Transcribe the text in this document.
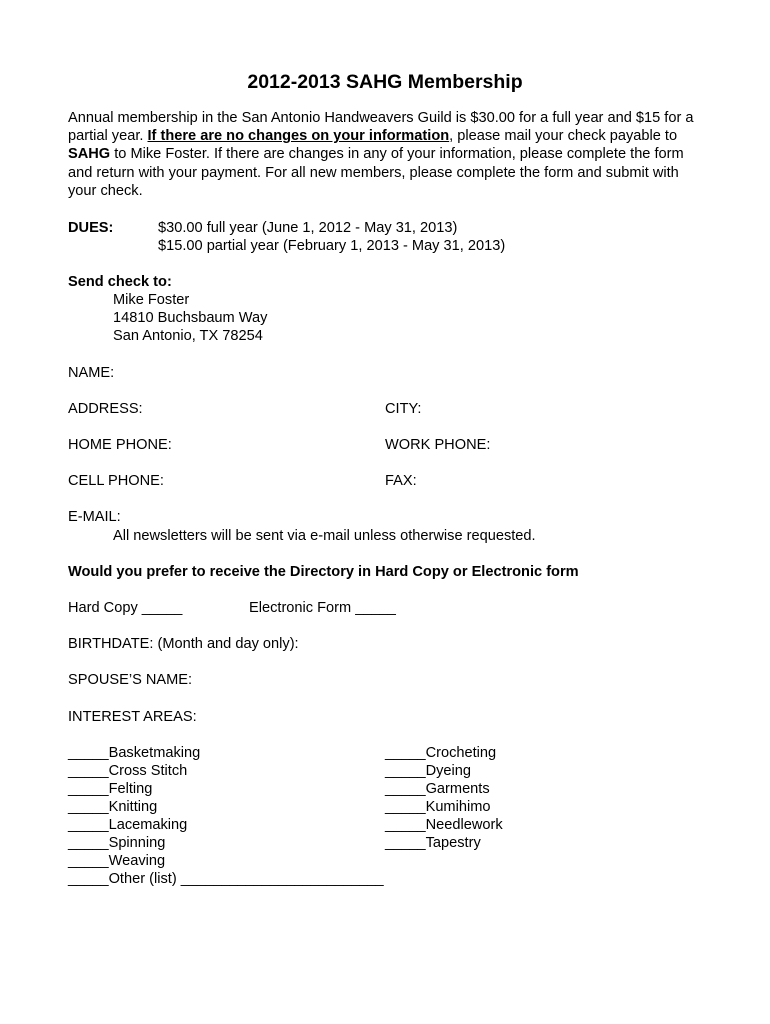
2012-2013 SAHG Membership
Annual membership in the San Antonio Handweavers Guild is $30.00 for a full year and $15 for a partial year. If there are no changes on your information, please mail your check payable to SAHG to Mike Foster. If there are changes in any of your information, please complete the form and return with your payment. For all new members, please complete the form and submit with your check.
DUES:	$30.00 full year (June 1, 2012 - May 31, 2013)
$15.00 partial year (February 1, 2013 - May 31, 2013)
Send check to:
Mike Foster
14810 Buchsbaum Way
San Antonio, TX 78254
NAME:
ADDRESS:	CITY:
HOME PHONE:	WORK PHONE:
CELL PHONE:	FAX:
E-MAIL:
All newsletters will be sent via e-mail unless otherwise requested.
Would you prefer to receive the Directory in Hard Copy or Electronic form
Hard Copy _____	Electronic Form _____
BIRTHDATE: (Month and day only):
SPOUSE’S NAME:
INTEREST AREAS:
_____Basketmaking
_____Cross Stitch
_____Felting
_____Knitting
_____Lacemaking
_____Spinning
_____Weaving
_____Other (list) _________________________
_____Crocheting
_____Dyeing
_____Garments
_____Kumihimo
_____Needlework
_____Tapestry
